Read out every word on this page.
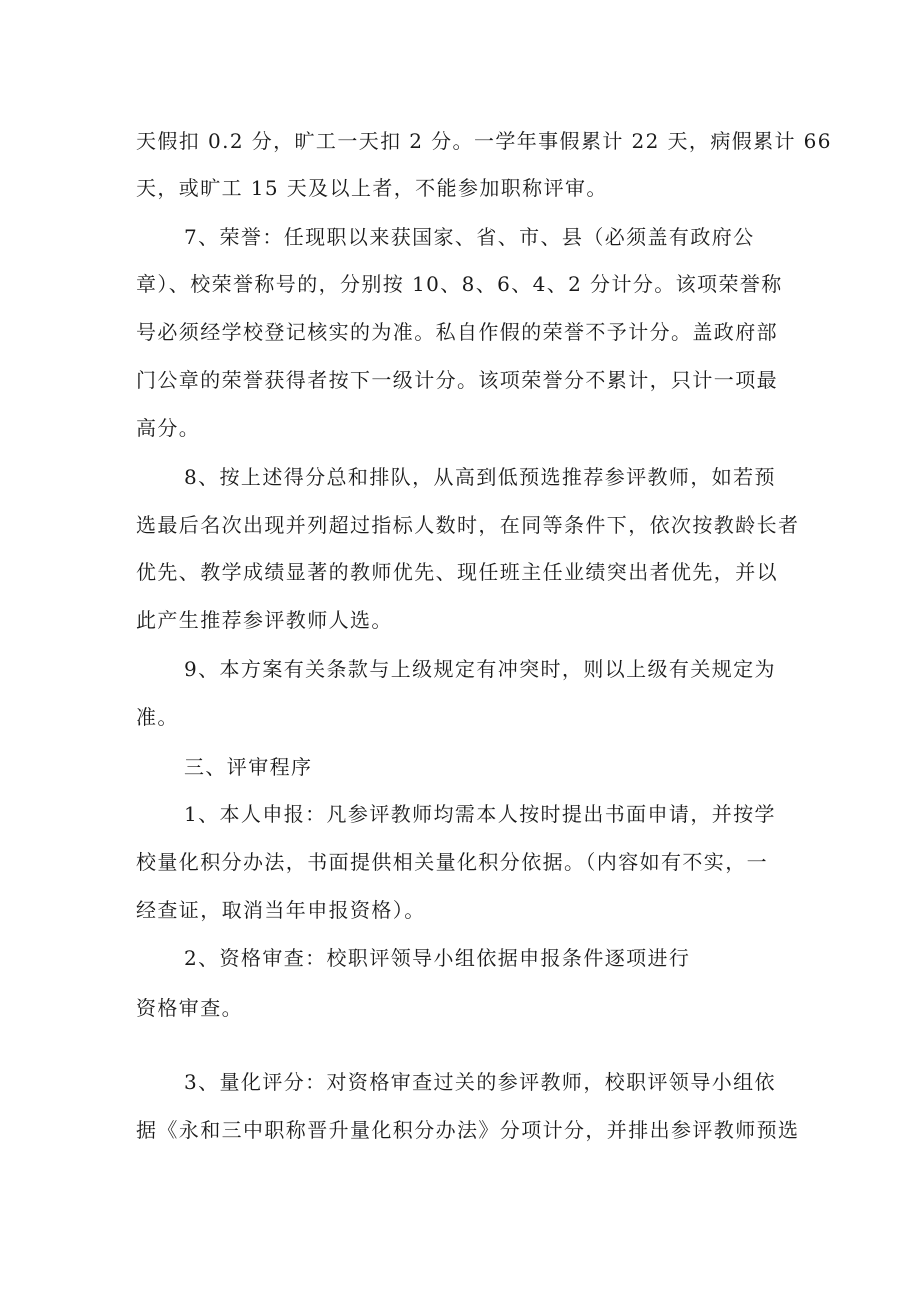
天假扣 0.2 分，旷工一天扣 2 分。一学年事假累计 22 天，病假累计 66

天，或旷工 15 天及以上者，不能参加职称评审。

7、荣誉：任现职以来获国家、省、市、县（必须盖有政府公

章）、校荣誉称号的，分别按 10、8、6、4、2 分计分。该项荣誉称

号必须经学校登记核实的为准。私自作假的荣誉不予计分。盖政府部

门公章的荣誉获得者按下一级计分。该项荣誉分不累计，只计一项最

高分。

8、按上述得分总和排队，从高到低预选推荐参评教师，如若预

选最后名次出现并列超过指标人数时，在同等条件下，依次按教龄长者

优先、教学成绩显著的教师优先、现任班主任业绩突出者优先，并以

此产生推荐参评教师人选。

9、本方案有关条款与上级规定有冲突时，则以上级有关规定为

准。

三、评审程序

1、本人申报：凡参评教师均需本人按时提出书面申请，并按学

校量化积分办法，书面提供相关量化积分依据。（内容如有不实，一

经查证，取消当年申报资格）。

2、资格审查：校职评领导小组依据申报条件逐项进行

资格审查。

3、量化评分：对资格审查过关的参评教师，校职评领导小组依

据《永和三中职称晋升量化积分办法》分项计分，并排出参评教师预选
